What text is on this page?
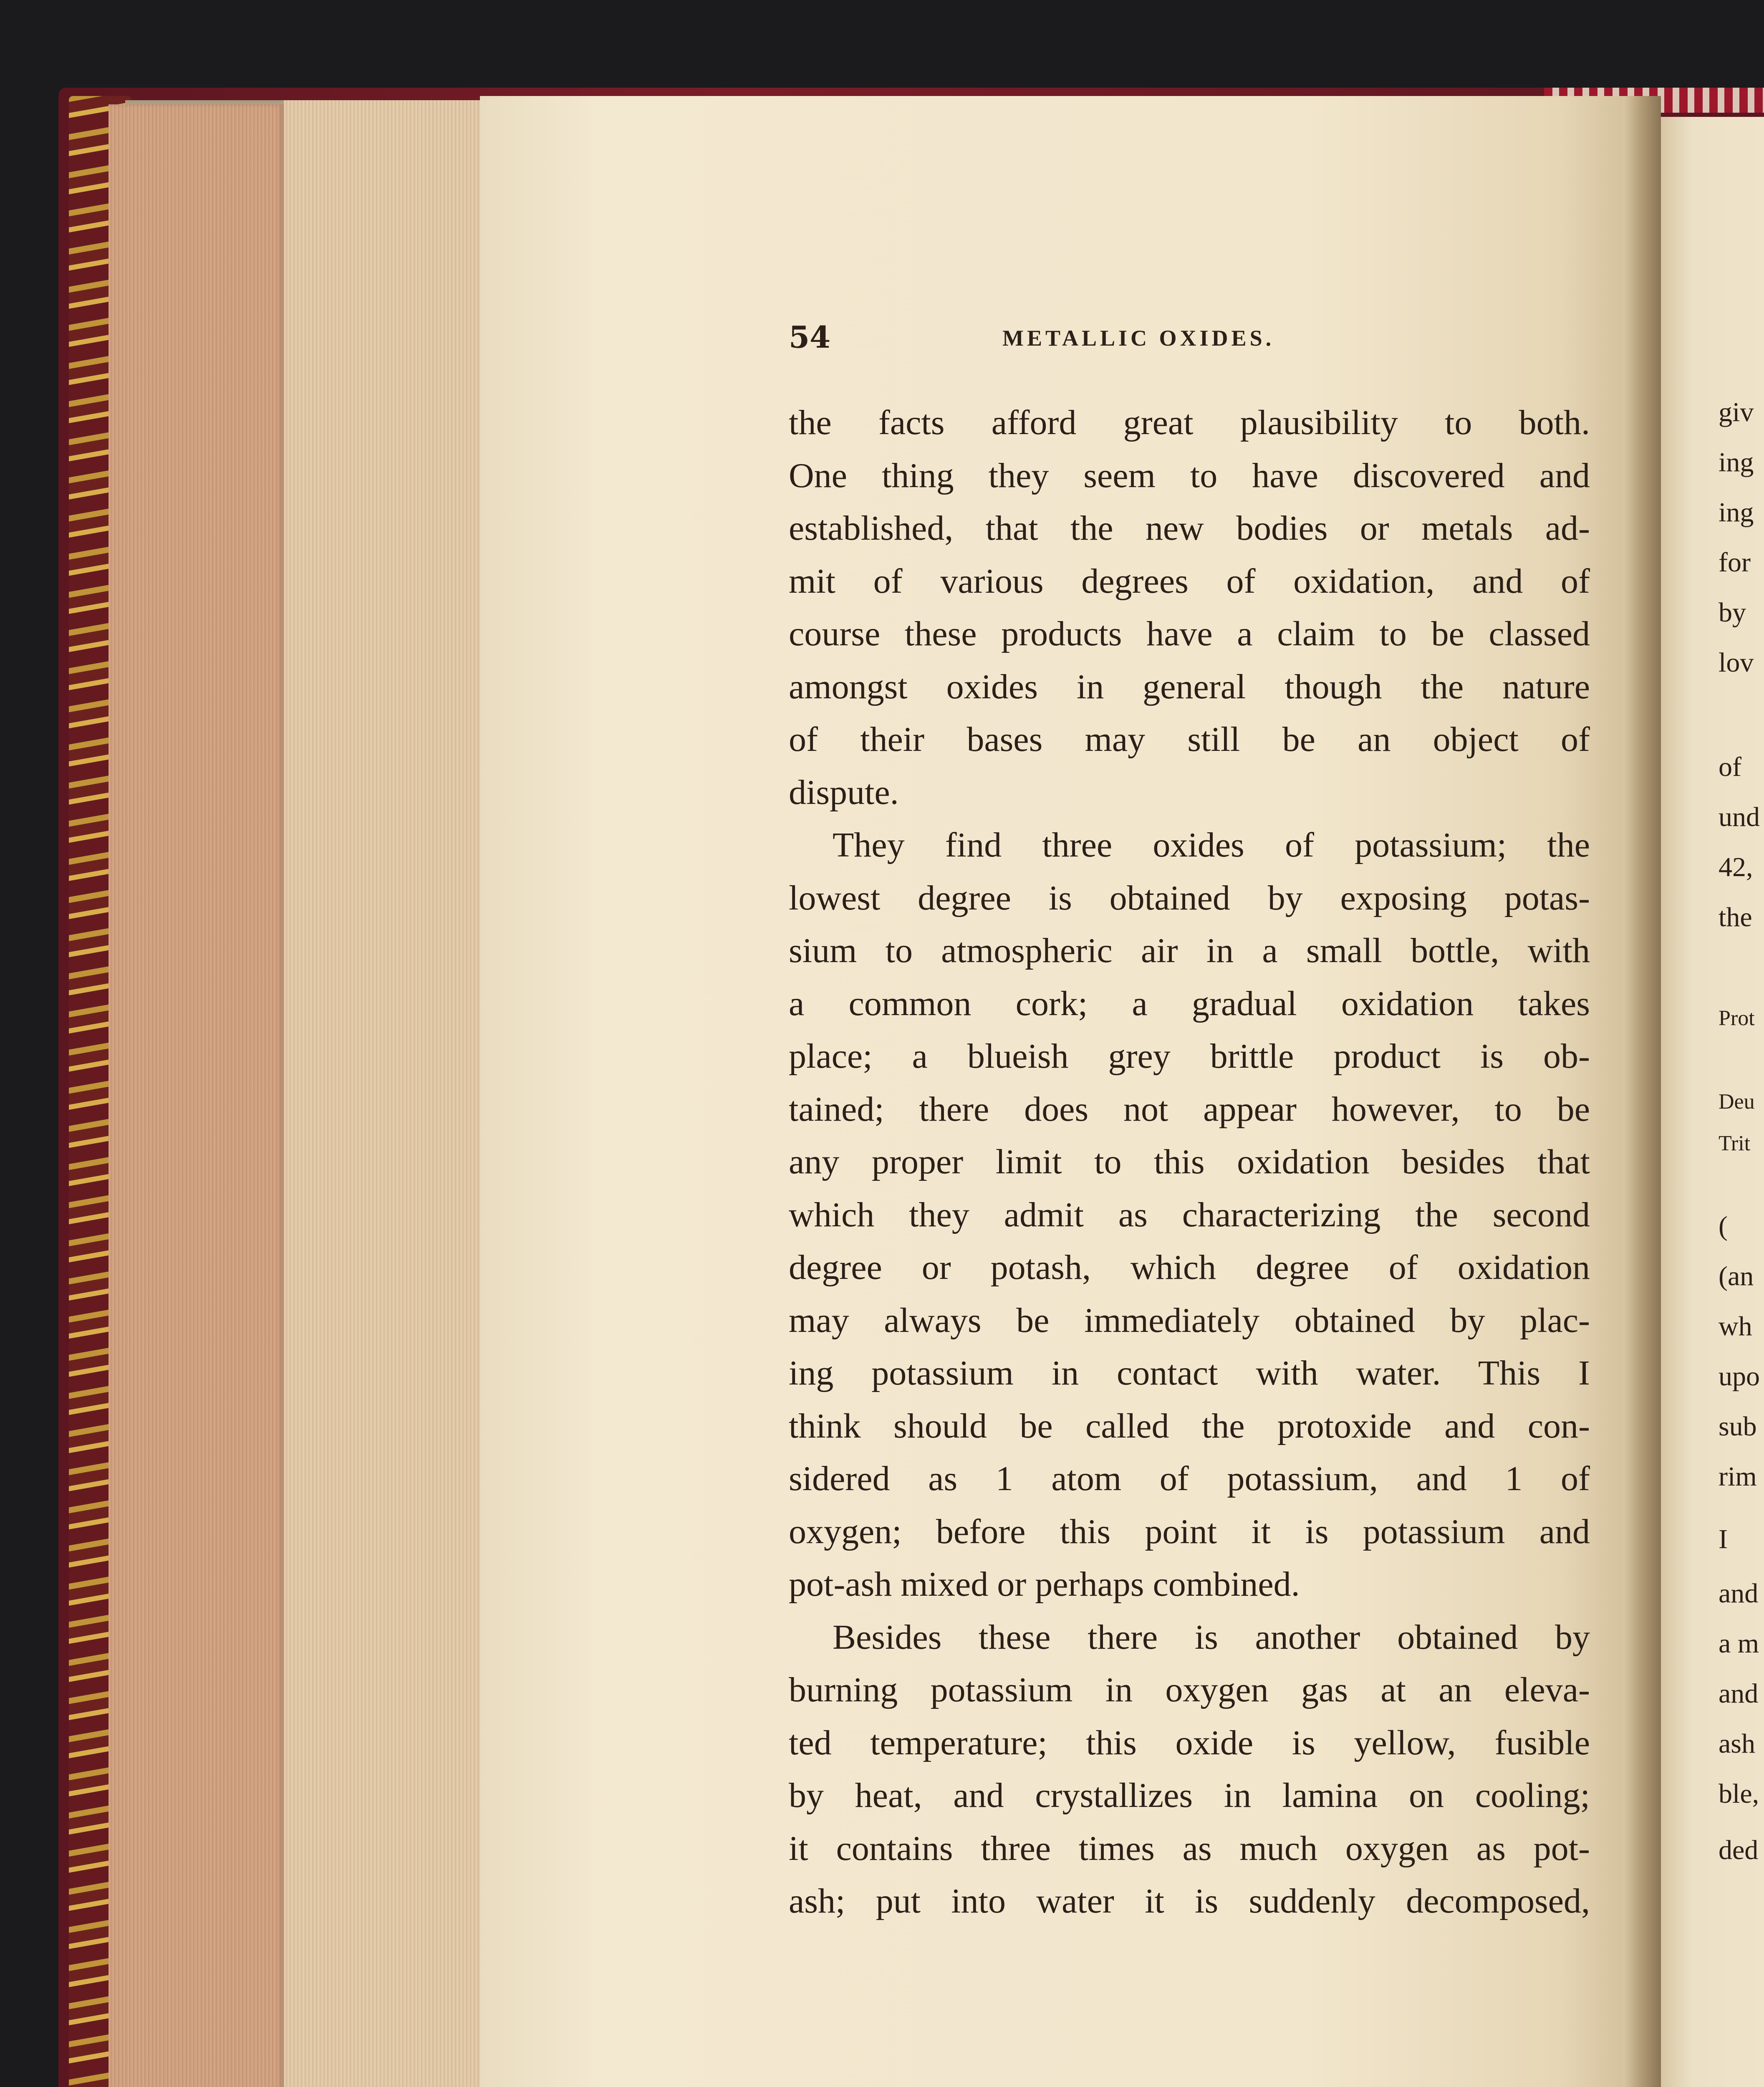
54	METALLIC OXIDES.
the facts afford great plausibility to both.
One thing they seem to have discovered and
established, that the new bodies or metals ad-
mit of various degrees of oxidation, and of
course these products have a claim to be classed
amongst oxides in general though the nature
of their bases may still be an object of
dispute.
They find three oxides of potassium; the
lowest degree is obtained by exposing potas-
sium to atmospheric air in a small bottle, with
a common cork; a gradual oxidation takes
place; a blueish grey brittle product is ob-
tained; there does not appear however, to be
any proper limit to this oxidation besides that
which they admit as characterizing the second
degree or potash, which degree of oxidation
may always be immediately obtained by plac-
ing potassium in contact with water. This I
think should be called the protoxide and con-
sidered as 1 atom of potassium, and 1 of
oxygen; before this point it is potassium and
pot-ash mixed or perhaps combined.
Besides these there is another obtained by
burning potassium in oxygen gas at an eleva-
ted temperature; this oxide is yellow, fusible
by heat, and crystallizes in lamina on cooling;
it contains three times as much oxygen as pot-
ash; put into water it is suddenly decomposed,
giv
ing
ing
for
by
lov
of
und
42,
the
Prot
Deu
Trit
(
(an
wh
upo
sub
rim
I
and
a m
and
ash
ble,
ded
